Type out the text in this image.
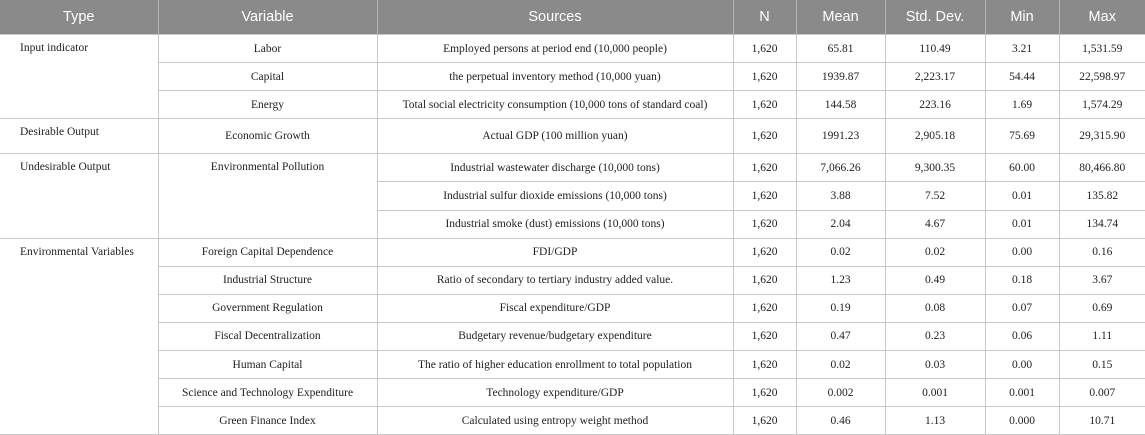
Type	Variable	Sources	N	Mean	Std. Dev.	Min	Max
Input indicator	Labor	Employed persons at period end (10,000 people)	1,620	65.81	110.49	3.21	1,531.59
	Capital	the perpetual inventory method (10,000 yuan)	1,620	1939.87	2,223.17	54.44	22,598.97
	Energy	Total social electricity consumption (10,000 tons of standard coal)	1,620	144.58	223.16	1.69	1,574.29
Desirable Output	Economic Growth	Actual GDP (100 million yuan)	1,620	1991.23	2,905.18	75.69	29,315.90
Undesirable Output	Environmental Pollution	Industrial wastewater discharge (10,000 tons)	1,620	7,066.26	9,300.35	60.00	80,466.80
		Industrial sulfur dioxide emissions (10,000 tons)	1,620	3.88	7.52	0.01	135.82
		Industrial smoke (dust) emissions (10,000 tons)	1,620	2.04	4.67	0.01	134.74
Environmental Variables	Foreign Capital Dependence	FDI/GDP	1,620	0.02	0.02	0.00	0.16
	Industrial Structure	Ratio of secondary to tertiary industry added value.	1,620	1.23	0.49	0.18	3.67
	Government Regulation	Fiscal expenditure/GDP	1,620	0.19	0.08	0.07	0.69
	Fiscal Decentralization	Budgetary revenue/budgetary expenditure	1,620	0.47	0.23	0.06	1.11
	Human Capital	The ratio of higher education enrollment to total population	1,620	0.02	0.03	0.00	0.15
	Science and Technology Expenditure	Technology expenditure/GDP	1,620	0.002	0.001	0.001	0.007
	Green Finance Index	Calculated using entropy weight method	1,620	0.46	1.13	0.000	10.71
